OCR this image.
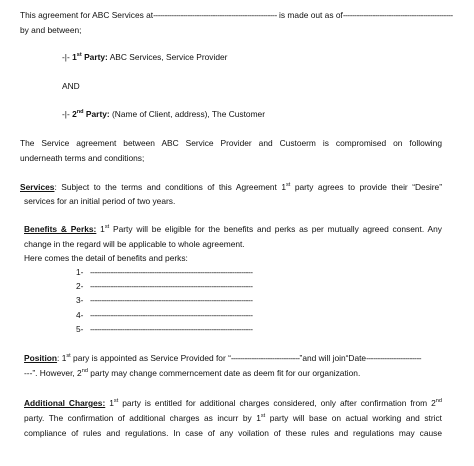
This agreement for ABC Services at------------------------------------------------------ is made out as of------------------------------------------------
by and between;
-|- 1st Party: ABC Services, Service Provider
AND
-|- 2nd Party: (Name of Client, address), The Customer
The Service agreement between ABC Service Provider and Custoerm is compromised on following
underneath terms and conditions;
Services: Subject to the terms and conditions of this Agreement 1st party agrees to provide their “Desire”
services for an initial period of two years.
Benefits & Perks: 1st Party will be eligible for the benefits and perks as per mutually agreed consent. Any
change in the regard will be applicable to whole agreement.
Here comes the detail of benefits and perks:
1- -----------------------------------------------------------------------
2- -----------------------------------------------------------------------
3- -----------------------------------------------------------------------
4- -----------------------------------------------------------------------
5- -----------------------------------------------------------------------
Position: 1st pary is appointed as Service Provided for “------------------------------”and will join“Date------------------------
---”. However, 2nd party may change commerncement date as deem fit for our organization.
Additional Charges: 1st party is entitled for additional charges considered, only after confirmation from 2nd
party. The confirmation of additional charges as incurr by 1st party will base on actual working and strict
compliance of rules and regulations. In case of any voilation of these rules and regulations may cause
